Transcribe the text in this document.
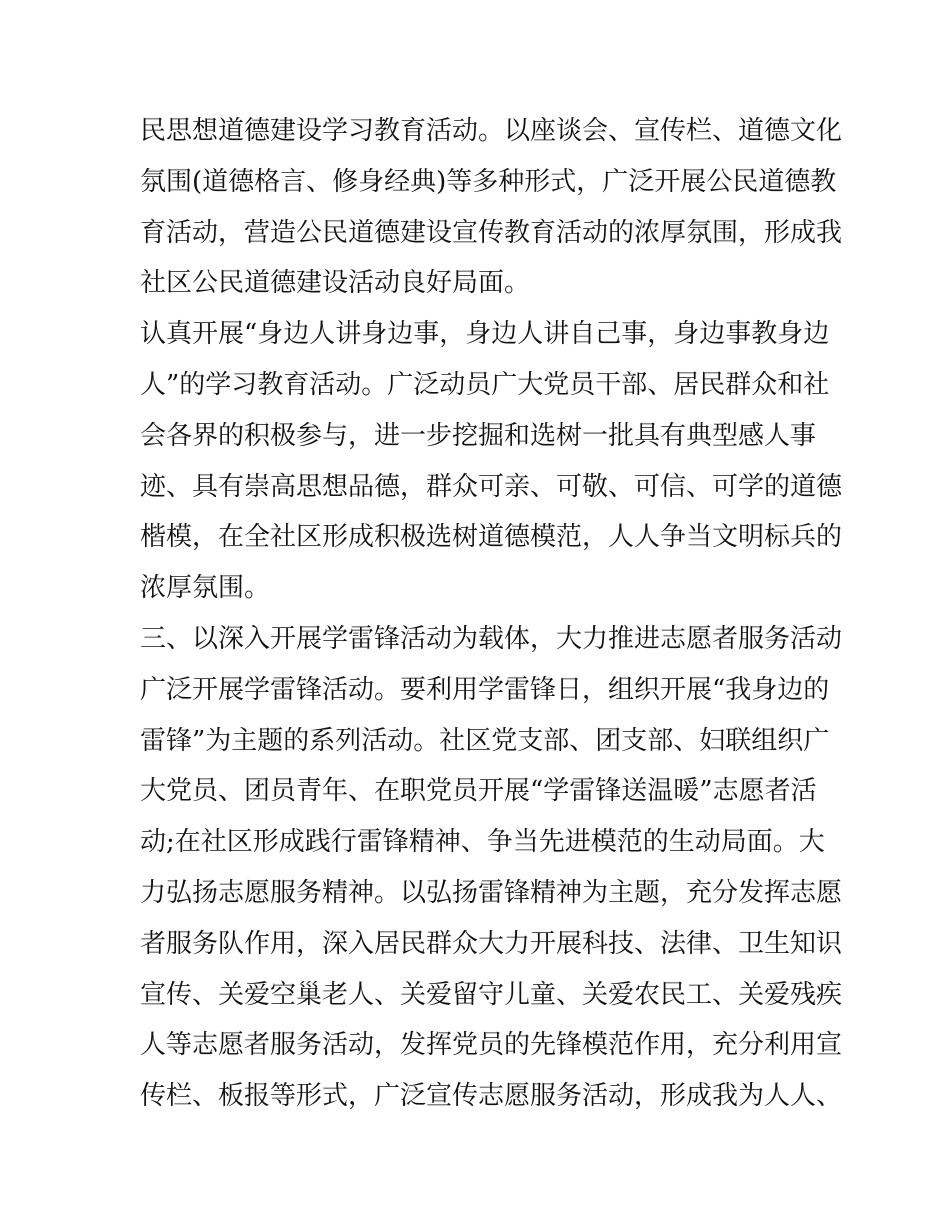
民思想道德建设学习教育活动。以座谈会、宣传栏、道德文化
氛围(道德格言、修身经典)等多种形式，广泛开展公民道德教
育活动，营造公民道德建设宣传教育活动的浓厚氛围，形成我
社区公民道德建设活动良好局面。
认真开展“身边人讲身边事，身边人讲自己事，身边事教身边
人”的学习教育活动。广泛动员广大党员干部、居民群众和社
会各界的积极参与，进一步挖掘和选树一批具有典型感人事
迹、具有崇高思想品德，群众可亲、可敬、可信、可学的道德
楷模，在全社区形成积极选树道德模范，人人争当文明标兵的
浓厚氛围。
三、以深入开展学雷锋活动为载体，大力推进志愿者服务活动
广泛开展学雷锋活动。要利用学雷锋日，组织开展“我身边的
雷锋”为主题的系列活动。社区党支部、团支部、妇联组织广
大党员、团员青年、在职党员开展“学雷锋送温暖”志愿者活
动;在社区形成践行雷锋精神、争当先进模范的生动局面。大
力弘扬志愿服务精神。以弘扬雷锋精神为主题，充分发挥志愿
者服务队作用，深入居民群众大力开展科技、法律、卫生知识
宣传、关爱空巢老人、关爱留守儿童、关爱农民工、关爱残疾
人等志愿者服务活动，发挥党员的先锋模范作用，充分利用宣
传栏、板报等形式，广泛宣传志愿服务活动，形成我为人人、
